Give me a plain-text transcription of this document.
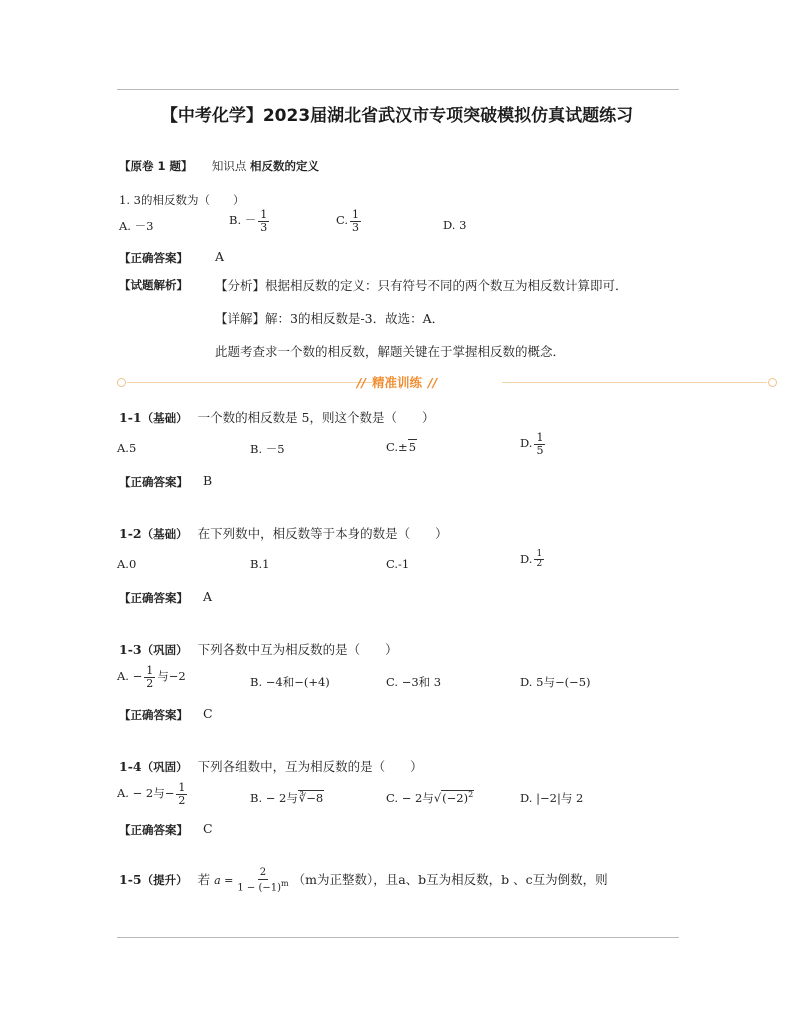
【中考化学】2023届湖北省武汉市专项突破模拟仿真试题练习
【原卷 1 题】 知识点 相反数的定义
1. 3的相反数为（　　）
A. －3	B. － $\frac{1}{3}$	C. $\frac{1}{3}$	D. 3
【正确答案】 A
【试题解析】 【分析】根据相反数的定义：只有符号不同的两个数互为相反数计算即可．
【详解】解：3的相反数是-3．故选：A．
此题考查求一个数的相反数，解题关键在于掌握相反数的概念．
// 精准训练 //
1-1（基础） 一个数的相反数是 5，则这个数是（　　）
A.5	B. －5	C.±5	D. $\frac{1}{5}$
【正确答案】 B
1-2（基础） 在下列数中，相反数等于本身的数是（　　）
A.0	B.1	C.-1	D. $\frac{1}{2}$
【正确答案】 A
1-3（巩固） 下列各数中互为相反数的是（　　）
A. − $\frac{1}{2}$ 与−2	B. −4和−(+4)	C. −3和 3	D. 5与−(−5)
【正确答案】 C
1-4（巩固） 下列各组数中，互为相反数的是（　　）
A. − 2与− $\frac{1}{2}$	B. − 2与∛−8	C. − 2与$√(-2)^2$	D. |−2|与 2
【正确答案】 C
1-5（提升） 若 $a = \frac{2}{1 - (-1)^m} (m$为正整数），且a、b互为相反数，b 、c互为倒数，则
